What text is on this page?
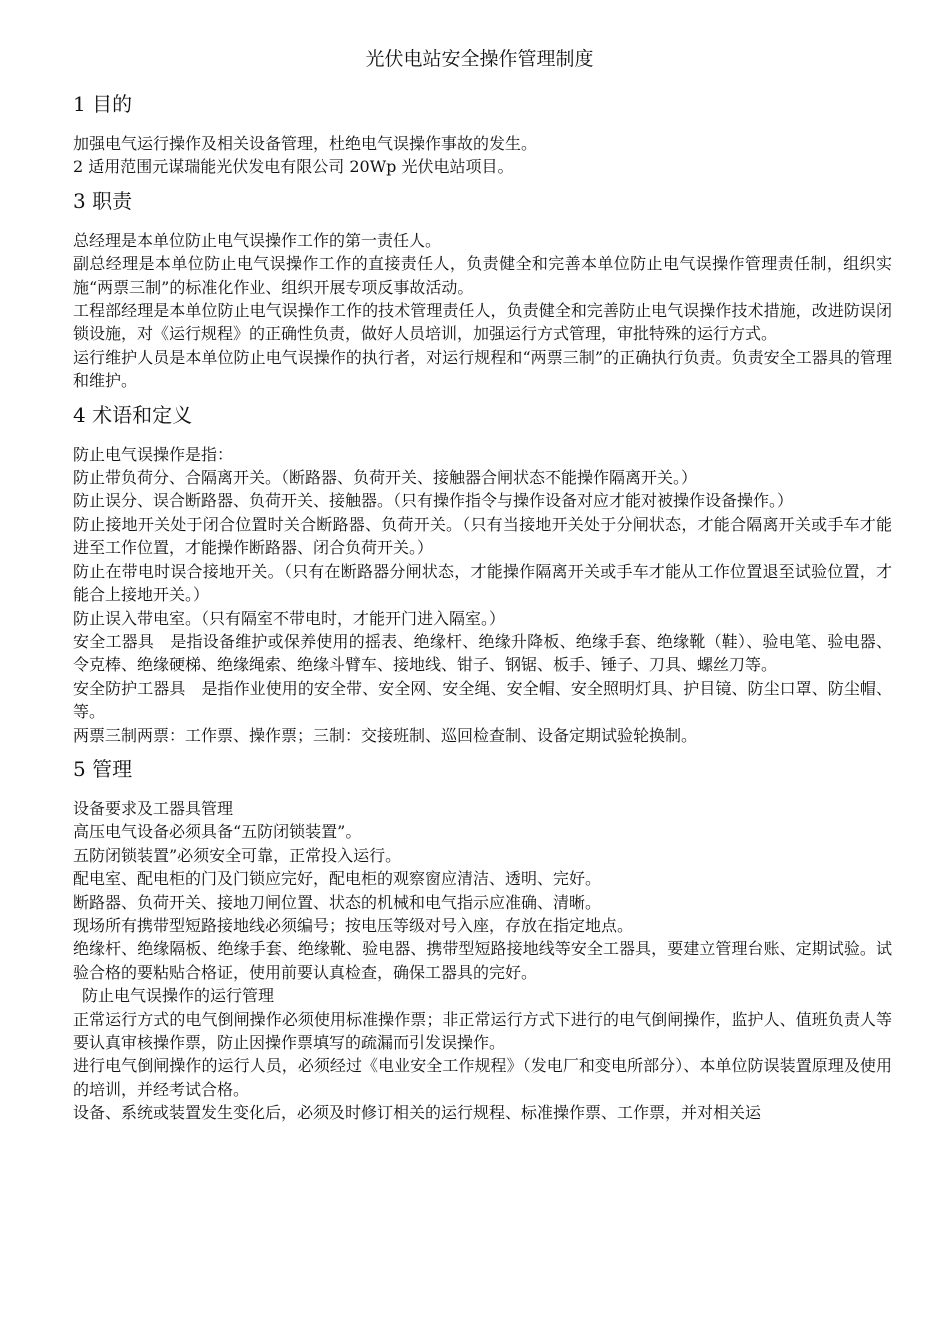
光伏电站安全操作管理制度
1 目的
加强电气运行操作及相关设备管理，杜绝电气误操作事故的发生。
2 适用范围元谋瑞能光伏发电有限公司 20Wp 光伏电站项目。
3 职责
总经理是本单位防止电气误操作工作的第一责任人。
副总经理是本单位防止电气误操作工作的直接责任人，负责健全和完善本单位防止电气误操作管理责任制，组织实施“两票三制”的标准化作业、组织开展专项反事故活动。
工程部经理是本单位防止电气误操作工作的技术管理责任人，负责健全和完善防止电气误操作技术措施，改进防误闭锁设施，对《运行规程》的正确性负责，做好人员培训，加强运行方式管理，审批特殊的运行方式。
运行维护人员是本单位防止电气误操作的执行者，对运行规程和“两票三制”的正确执行负责。负责安全工器具的管理和维护。
4 术语和定义
防止电气误操作是指：
防止带负荷分、合隔离开关。（断路器、负荷开关、接触器合闸状态不能操作隔离开关。）
防止误分、误合断路器、负荷开关、接触器。（只有操作指令与操作设备对应才能对被操作设备操作。）
防止接地开关处于闭合位置时关合断路器、负荷开关。（只有当接地开关处于分闸状态，才能合隔离开关或手车才能进至工作位置，才能操作断路器、闭合负荷开关。）
防止在带电时误合接地开关。（只有在断路器分闸状态，才能操作隔离开关或手车才能从工作位置退至试验位置，才能合上接地开关。）
防止误入带电室。（只有隔室不带电时，才能开门进入隔室。）
安全工器具　是指设备维护或保养使用的摇表、绝缘杆、绝缘升降板、绝缘手套、绝缘靴（鞋）、验电笔、验电器、令克棒、绝缘硬梯、绝缘绳索、绝缘斗臂车、接地线、钳子、钢锯、板手、锤子、刀具、螺丝刀等。
安全防护工器具　是指作业使用的安全带、安全网、安全绳、安全帽、安全照明灯具、护目镜、防尘口罩、防尘帽、等。
两票三制两票：工作票、操作票；三制：交接班制、巡回检查制、设备定期试验轮换制。
5 管理
设备要求及工器具管理
高压电气设备必须具备“五防闭锁装置”。
五防闭锁装置”必须安全可靠，正常投入运行。
配电室、配电柜的门及门锁应完好，配电柜的观察窗应清洁、透明、完好。
断路器、负荷开关、接地刀闸位置、状态的机械和电气指示应准确、清晰。
现场所有携带型短路接地线必须编号；按电压等级对号入座，存放在指定地点。
绝缘杆、绝缘隔板、绝缘手套、绝缘靴、验电器、携带型短路接地线等安全工器具，要建立管理台账、定期试验。试验合格的要粘贴合格证，使用前要认真检查，确保工器具的完好。
防止电气误操作的运行管理
正常运行方式的电气倒闸操作必须使用标准操作票；非正常运行方式下进行的电气倒闸操作，监护人、值班负责人等要认真审核操作票，防止因操作票填写的疏漏而引发误操作。
进行电气倒闸操作的运行人员，必须经过《电业安全工作规程》（发电厂和变电所部分）、本单位防误装置原理及使用的培训，并经考试合格。
设备、系统或装置发生变化后，必须及时修订相关的运行规程、标准操作票、工作票，并对相关运
